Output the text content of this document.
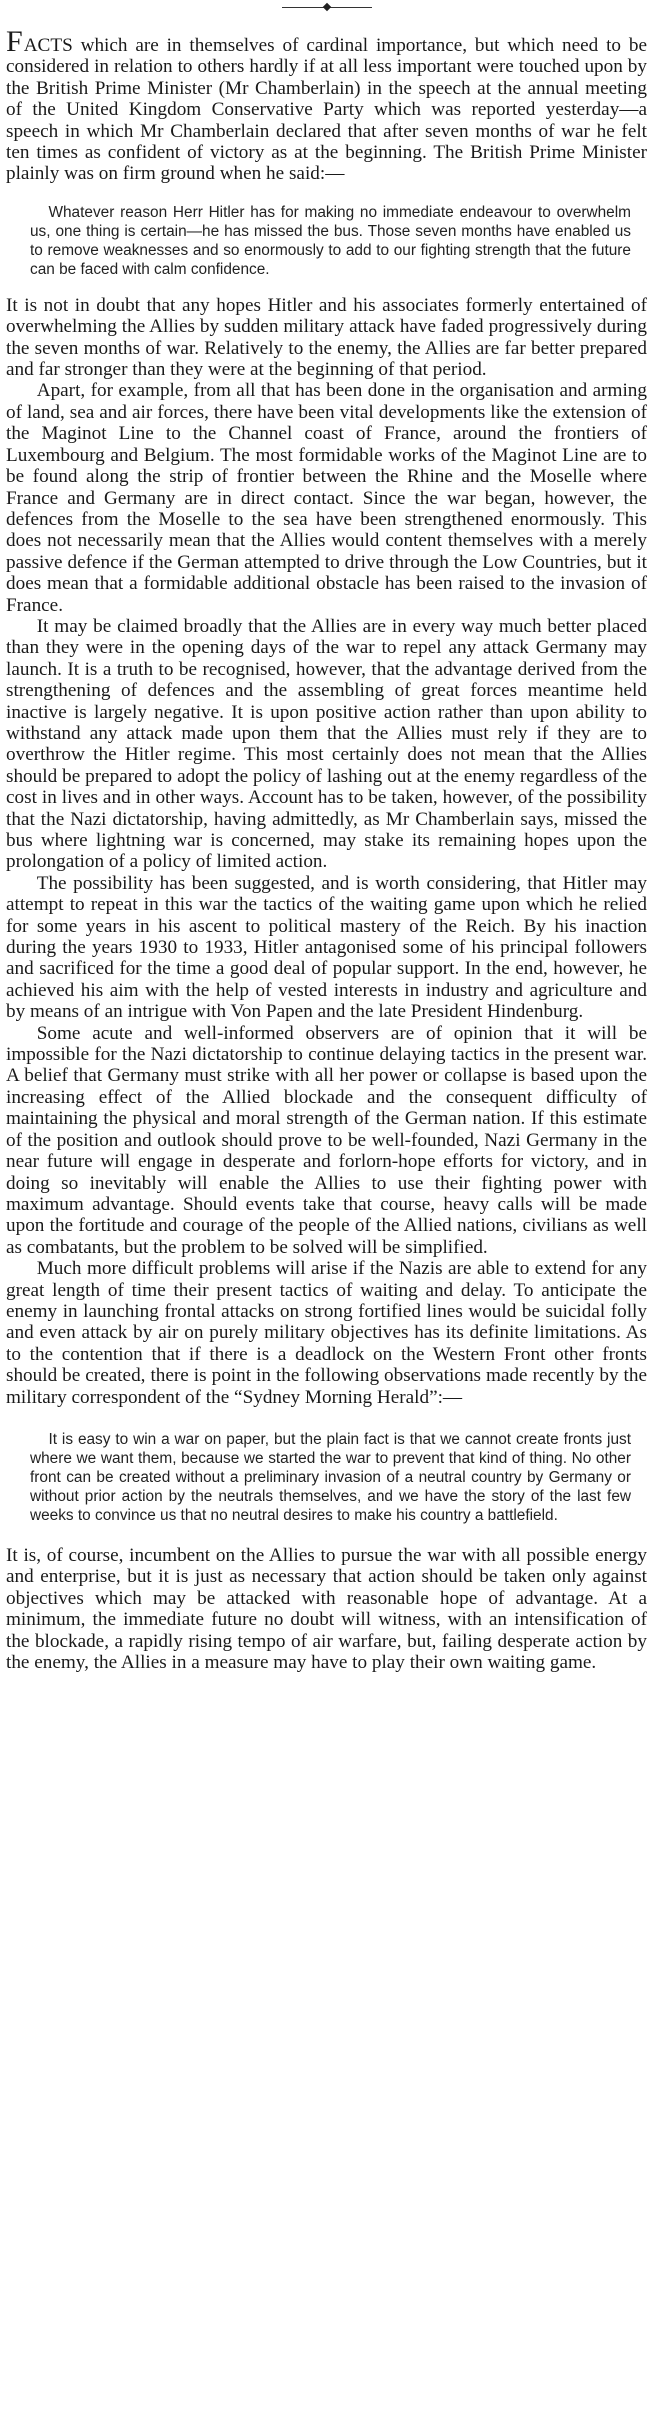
FACTS which are in themselves of cardinal importance, but which need to be considered in relation to others hardly if at all less important were touched upon by the British Prime Minister (Mr Chamberlain) in the speech at the annual meeting of the United Kingdom Conservative Party which was reported yesterday—a speech in which Mr Chamberlain declared that after seven months of war he felt ten times as confident of victory as at the beginning. The British Prime Minister plainly was on firm ground when he said:—

Whatever reason Herr Hitler has for making no immediate endeavour to overwhelm us, one thing is certain—he has missed the bus. Those seven months have enabled us to remove weaknesses and so enormously to add to our fighting strength that the future can be faced with calm confidence.

It is not in doubt that any hopes Hitler and his associates formerly entertained of overwhelming the Allies by sudden military attack have faded progressively during the seven months of war. Relatively to the enemy, the Allies are far better prepared and far stronger than they were at the beginning of that period.

Apart, for example, from all that has been done in the organisation and arming of land, sea and air forces, there have been vital developments like the extension of the Maginot Line to the Channel coast of France, around the frontiers of Luxembourg and Belgium. The most formidable works of the Maginot Line are to be found along the strip of frontier between the Rhine and the Moselle where France and Germany are in direct contact. Since the war began, however, the defences from the Moselle to the sea have been strengthened enormously. This does not necessarily mean that the Allies would content themselves with a merely passive defence if the German attempted to drive through the Low Countries, but it does mean that a formidable additional obstacle has been raised to the invasion of France.

It may be claimed broadly that the Allies are in every way much better placed than they were in the opening days of the war to repel any attack Germany may launch. It is a truth to be recognised, however, that the advantage derived from the strengthening of defences and the assembling of great forces meantime held inactive is largely negative. It is upon positive action rather than upon ability to withstand any attack made upon them that the Allies must rely if they are to overthrow the Hitler regime. This most certainly does not mean that the Allies should be prepared to adopt the policy of lashing out at the enemy regardless of the cost in lives and in other ways. Account has to be taken, however, of the possibility that the Nazi dictatorship, having admittedly, as Mr Chamberlain says, missed the bus where lightning war is concerned, may stake its remaining hopes upon the prolongation of a policy of limited action.

The possibility has been suggested, and is worth considering, that Hitler may attempt to repeat in this war the tactics of the waiting game upon which he relied for some years in his ascent to political mastery of the Reich. By his inaction during the years 1930 to 1933, Hitler antagonised some of his principal followers and sacrificed for the time a good deal of popular support. In the end, however, he achieved his aim with the help of vested interests in industry and agriculture and by means of an intrigue with Von Papen and the late President Hindenburg.

Some acute and well-informed observers are of opinion that it will be impossible for the Nazi dictatorship to continue delaying tactics in the present war. A belief that Germany must strike with all her power or collapse is based upon the increasing effect of the Allied blockade and the consequent difficulty of maintaining the physical and moral strength of the German nation. If this estimate of the position and outlook should prove to be well-founded, Nazi Germany in the near future will engage in desperate and forlorn-hope efforts for victory, and in doing so inevitably will enable the Allies to use their fighting power with maximum advantage. Should events take that course, heavy calls will be made upon the fortitude and courage of the people of the Allied nations, civilians as well as combatants, but the problem to be solved will be simplified.

Much more difficult problems will arise if the Nazis are able to extend for any great length of time their present tactics of waiting and delay. To anticipate the enemy in launching frontal attacks on strong fortified lines would be suicidal folly and even attack by air on purely military objectives has its definite limitations. As to the contention that if there is a deadlock on the Western Front other fronts should be created, there is point in the following observations made recently by the military correspondent of the “Sydney Morning Herald”:—

It is easy to win a war on paper, but the plain fact is that we cannot create fronts just where we want them, because we started the war to prevent that kind of thing. No other front can be created without a preliminary invasion of a neutral country by Germany or without prior action by the neutrals themselves, and we have the story of the last few weeks to convince us that no neutral desires to make his country a battlefield.

It is, of course, incumbent on the Allies to pursue the war with all possible energy and enterprise, but it is just as necessary that action should be taken only against objectives which may be attacked with reasonable hope of advantage. At a minimum, the immediate future no doubt will witness, with an intensification of the blockade, a rapidly rising tempo of air warfare, but, failing desperate action by the enemy, the Allies in a measure may have to play their own waiting game.
